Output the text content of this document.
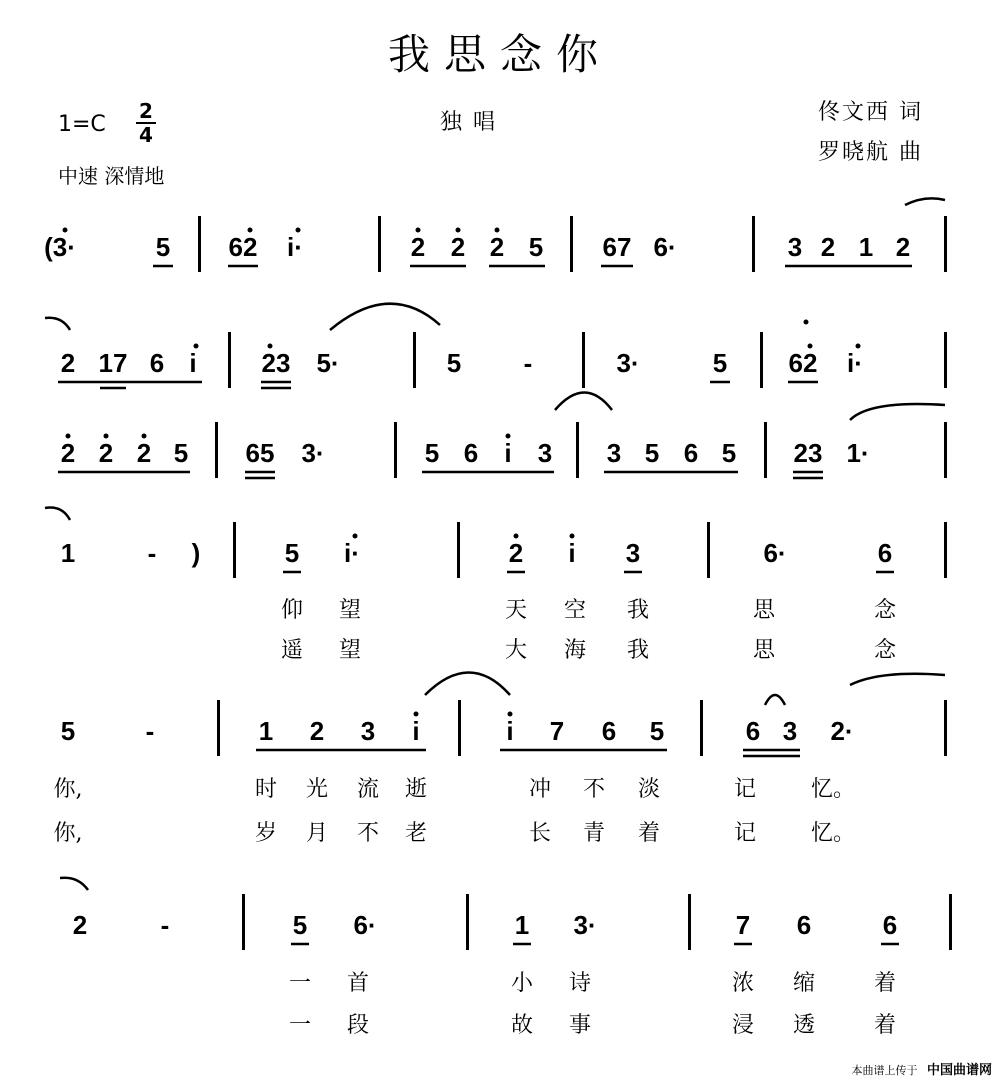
我思念你
1=C
2
4
中速 深情地
独 唱	佟文西 词
罗晓航 曲
(3·	5 62 i·	2 2 2 5 67 6·	3 2 1 2
2 17 6 i 23 5·	5 -	3·	5 62 i·
2 2 2 5 65 3·	5 6 i 3 3 5 6 5 23 1·
1	- )	5 i·	2 i 3	6·	6
仰 望	天 空 我	思	念
遥 望	大 海 我	思	念
5	-	1 2 3 i	i 7 6 5	6 3 2·
你,	时 光 流 逝	冲 不 淡	记 忆。
你,	岁 月 不 老	长 青 着	记 忆。
2	-	5 6·	1 3·	7 6	6
一 首	小 诗	浓 缩	着
一 段	故 事	浸 透	着
本曲谱上传于 中国曲谱网
